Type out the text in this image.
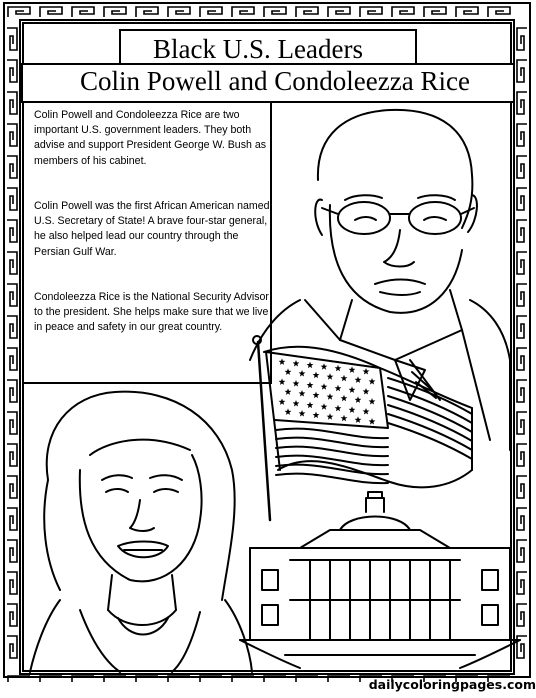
Black U.S. Leaders
Colin Powell and Condoleezza Rice
Colin Powell and Condoleezza Rice are two important U.S. government leaders. They both advise and support President George W. Bush as members of his cabinet.
Colin Powell was the first African American named U.S. Secretary of State! A brave four-star general, he also helped lead our country through the Persian Gulf War.
Condoleezza Rice is the National Security Advisor to the president. She helps make sure that we live in peace and safety in our great country.
dailycoloringpages.com
